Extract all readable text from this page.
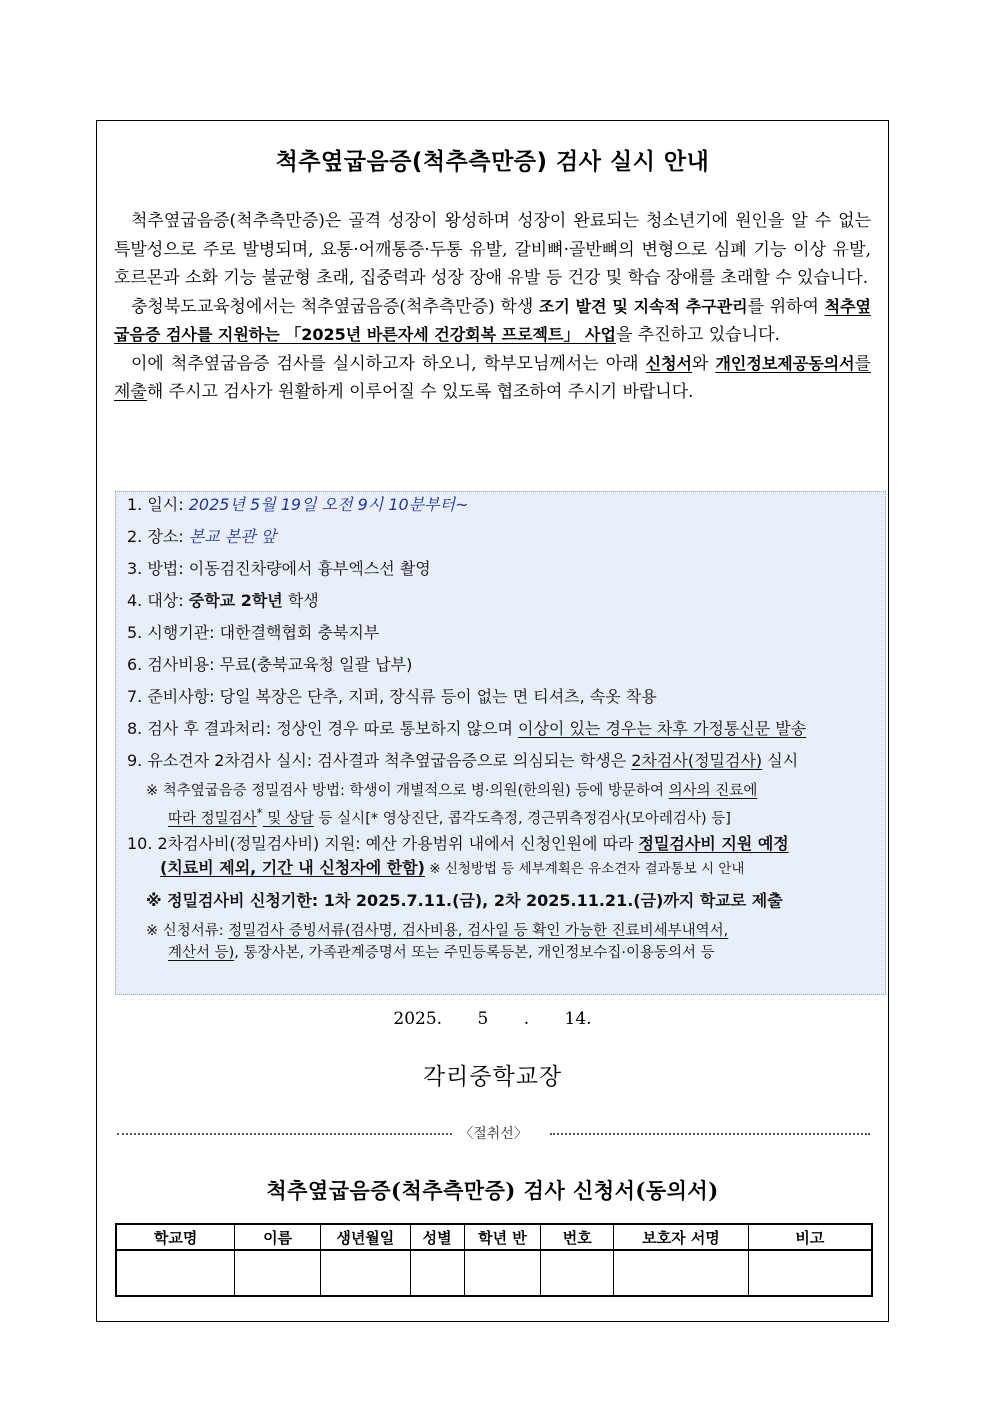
척추옆굽음증(척추측만증) 검사 실시 안내

척추옆굽음증(척추측만증)은 골격 성장이 왕성하며 성장이 완료되는 청소년기에 원인을 알 수 없는 특발성으로 주로 발병되며, 요통·어깨통증·두통 유발, 갈비뼈·골반뼈의 변형으로 심폐 기능 이상 유발, 호르몬과 소화 기능 불균형 초래, 집중력과 성장 장애 유발 등 건강 및 학습 장애를 초래할 수 있습니다.

충청북도교육청에서는 척추옆굽음증(척추측만증) 학생 조기 발견 및 지속적 추구관리를 위하여 척추옆굽음증 검사를 지원하는 「2025년 바른자세 건강회복 프로젝트」 사업을 추진하고 있습니다.

이에 척추옆굽음증 검사를 실시하고자 하오니, 학부모님께서는 아래 신청서와 개인정보제공동의서를 제출해 주시고 검사가 원활하게 이루어질 수 있도록 협조하여 주시기 바랍니다.

1. 일시: 2025년 5월 19일 오전 9시 10분부터~
2. 장소: 본교 본관 앞
3. 방법: 이동검진차량에서 흉부엑스선 촬영
4. 대상: 중학교 2학년 학생
5. 시행기관: 대한결핵협회 충북지부
6. 검사비용: 무료(충북교육청 일괄 납부)
7. 준비사항: 당일 복장은 단추, 지퍼, 장식류 등이 없는 면 티셔츠, 속옷 착용
8. 검사 후 결과처리: 정상인 경우 따로 통보하지 않으며 이상이 있는 경우는 차후 가정통신문 발송
9. 유소견자 2차검사 실시: 검사결과 척추옆굽음증으로 의심되는 학생은 2차검사(정밀검사) 실시
※ 척추옆굽음증 정밀검사 방법: 학생이 개별적으로 병·의원(한의원) 등에 방문하여 의사의 진료에
따라 정밀검사* 및 상담 등 실시[* 영상진단, 콥각도측정, 경근뮈측정검사(모아레검사) 등]
10. 2차검사비(정밀검사비) 지원: 예산 가용범위 내에서 신청인원에 따라 정밀검사비 지원 예정
(치료비 제외, 기간 내 신청자에 한함) ※ 신청방법 등 세부계획은 유소견자 결과통보 시 안내
※ 정밀검사비 신청기한: 1차 2025.7.11.(금), 2차 2025.11.21.(금)까지 학교로 제출
※ 신청서류: 정밀검사 증빙서류(검사명, 검사비용, 검사일 등 확인 가능한 진료비세부내역서,
계산서 등), 통장사본, 가족관계증명서 또는 주민등록등본, 개인정보수집·이용동의서 등
2025. 5 . 14.
각리중학교장
〈절취선〉
척추옆굽음증(척추측만증) 검사 신청서(동의서)
학교명	이름	생년월일	성별	학년 반	번호	보호자 서명	비고
